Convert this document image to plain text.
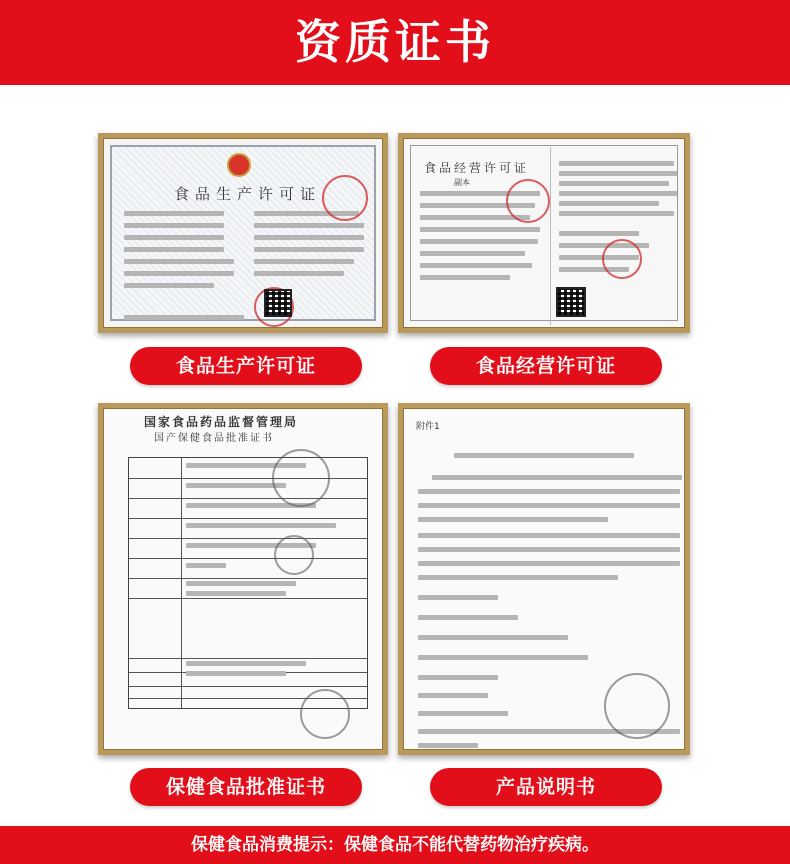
资质证书
食品生产许可证
食品经营许可证
副本
食品生产许可证	食品经营许可证
国家食品药品监督管理局
国产保健食品批准证书
附件1
保健食品批准证书	产品说明书
保健食品消费提示：保健食品不能代替药物治疗疾病。
